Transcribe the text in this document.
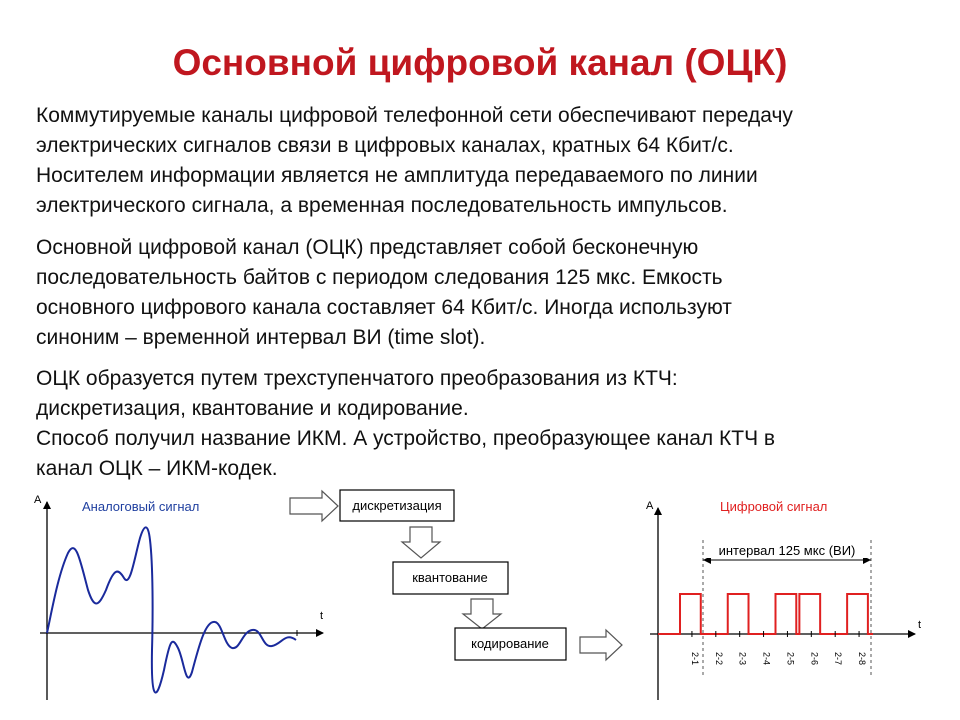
Основной цифровой канал (ОЦК)
Коммутируемые каналы цифровой телефонной сети обеспечивают передачу
электрических сигналов связи в цифровых каналах, кратных 64 Кбит/с.
Носителем информации является не амплитуда передаваемого по линии
электрического сигнала, а временная последовательность импульсов.
Основной цифровой канал (ОЦК) представляет собой бесконечную
последовательность байтов с периодом следования 125 мкс. Емкость
основного цифрового канала составляет 64 Кбит/с. Иногда используют
синоним – временной интервал ВИ (time slot).
ОЦК образуется путем трехступенчатого преобразования из КТЧ:
дискретизация, квантование и кодирование.
Способ получил название ИКМ. А устройство, преобразующее канал КТЧ в
канал ОЦК – ИКМ-кодек.
A
t
Аналоговый сигнал	дискретизация
квантование
кодирование
A
t
Цифровой сигнал
интервал 125 мкс (ВИ)
2-1 2-2 2-3 2-4 2-5 2-6 2-7 2-8
